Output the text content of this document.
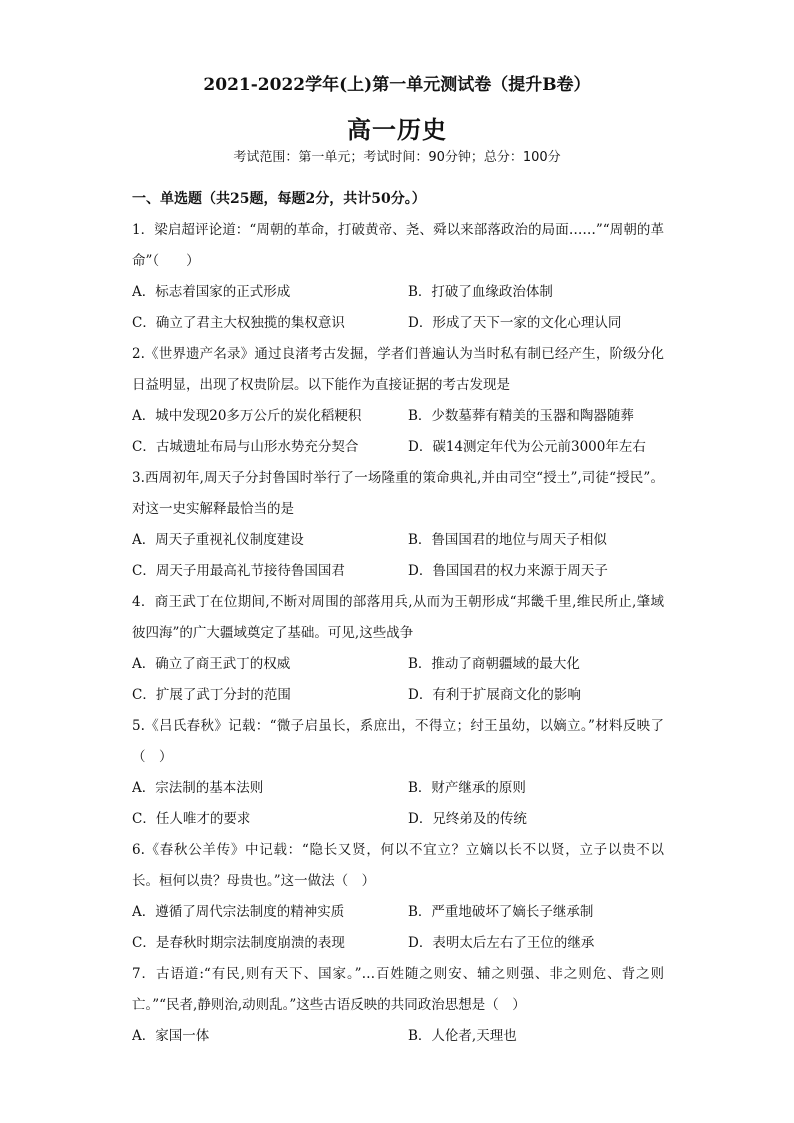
2021-2022学年(上)第一单元测试卷（提升B卷）
高一历史
考试范围：第一单元；考试时间：90分钟；总分：100分
一、单选题（共25题，每题2分，共计50分。）

1．梁启超评论道：“周朝的革命，打破黄帝、尧、舜以来部落政治的局面……”“周朝的革命”（　　）

A．标志着国家的正式形成	B．打破了血缘政治体制
C．确立了君主大权独揽的集权意识	D．形成了天下一家的文化心理认同

2.《世界遗产名录》通过良渚考古发掘，学者们普遍认为当时私有制已经产生，阶级分化日益明显，出现了权贵阶层。以下能作为直接证据的考古发现是

A．城中发现20多万公斤的炭化稻粳积	B．少数墓葬有精美的玉器和陶器随葬
C．古城遗址布局与山形水势充分契合	D．碳14测定年代为公元前3000年左右

3.西周初年,周天子分封鲁国时举行了一场隆重的策命典礼,并由司空“授土”,司徒“授民”。对这一史实解释最恰当的是

A．周天子重视礼仪制度建设	B．鲁国国君的地位与周天子相似
C．周天子用最高礼节接待鲁国国君	D．鲁国国君的权力来源于周天子

4．商王武丁在位期间,不断对周围的部落用兵,从而为王朝形成“邦畿千里,维民所止,肇域彼四海”的广大疆域奠定了基础。可见,这些战争

A．确立了商王武丁的权威	B．推动了商朝疆域的最大化
C．扩展了武丁分封的范围	D．有利于扩展商文化的影响

5.《吕氏春秋》记载：“微子启虽长，系庶出，不得立；纣王虽幼，以嫡立。”材料反映了（　）

A．宗法制的基本法则	B．财产继承的原则
C．任人唯才的要求	D．兄终弟及的传统

6.《春秋公羊传》中记载：“隐长又贤，何以不宜立？立嫡以长不以贤，立子以贵不以长。桓何以贵？母贵也。”这一做法（　）

A．遵循了周代宗法制度的精神实质	B．严重地破坏了嫡长子继承制
C．是春秋时期宗法制度崩溃的表现	D．表明太后左右了王位的继承

7．古语道:“有民,则有天下、国家。”…百姓随之则安、辅之则强、非之则危、背之则亡。”“民者,静则治,动则乱。”这些古语反映的共同政治思想是（　）

A．家国一体	B．人伦者,天理也
